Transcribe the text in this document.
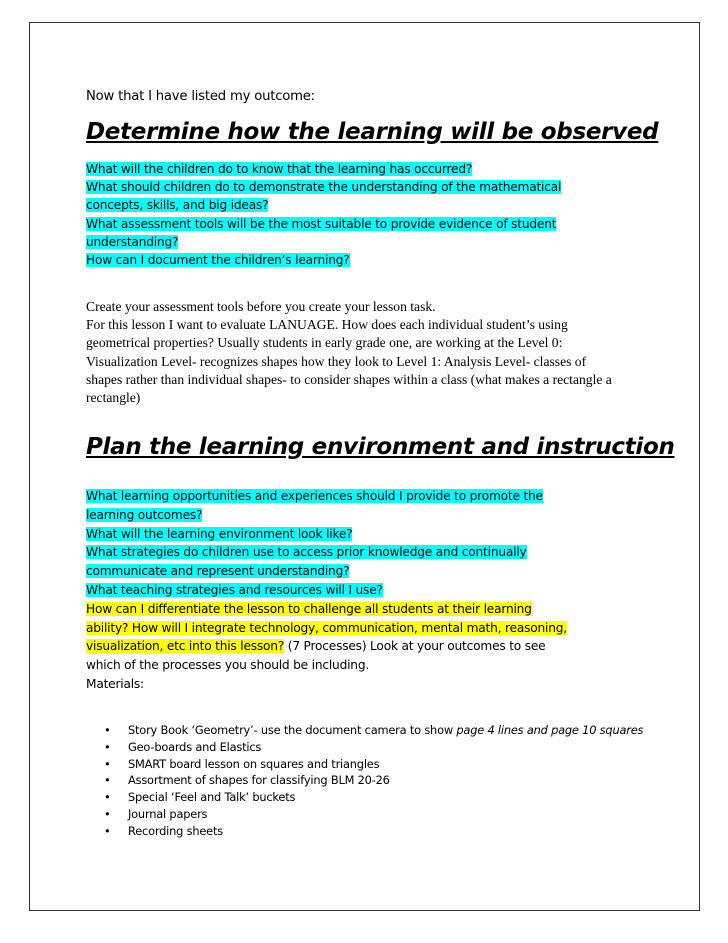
Now that I have listed my outcome:
Determine how the learning will be observed
What will the children do to know that the learning has occurred?
What should children do to demonstrate the understanding of the mathematical
concepts, skills, and big ideas?
What assessment tools will be the most suitable to provide evidence of student
understanding?
How can I document the children’s learning?
Create your assessment tools before you create your lesson task.
For this lesson I want to evaluate LANUAGE. How does each individual student’s using
geometrical properties? Usually students in early grade one, are working at the Level 0:
Visualization Level- recognizes shapes how they look to Level 1: Analysis Level- classes of
shapes rather than individual shapes- to consider shapes within a class (what makes a rectangle a
rectangle)
Plan the learning environment and instruction
What learning opportunities and experiences should I provide to promote the
learning outcomes?
What will the learning environment look like?
What strategies do children use to access prior knowledge and continually
communicate and represent understanding?
What teaching strategies and resources will I use?
How can I differentiate the lesson to challenge all students at their learning
ability? How will I integrate technology, communication, mental math, reasoning,
visualization, etc into this lesson? (7 Processes) Look at your outcomes to see
which of the processes you should be including.
Materials:
• Story Book ‘Geometry’- use the document camera to show page 4 lines and page 10 squares
• Geo-boards and Elastics
• SMART board lesson on squares and triangles
• Assortment of shapes for classifying BLM 20-26
• Special ‘Feel and Talk’ buckets
• Journal papers
• Recording sheets
